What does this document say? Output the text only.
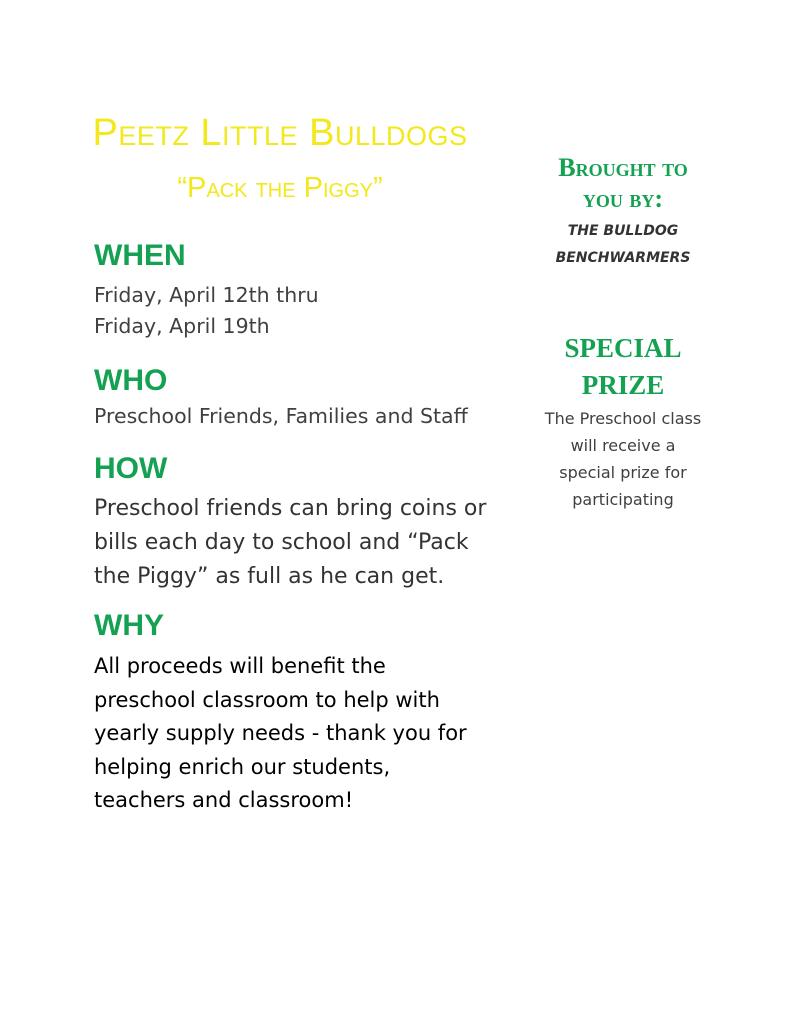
Peetz Little Bulldogs
“Pack the Piggy”
WHEN
Friday, April 12th thru
Friday, April 19th
WHO
Preschool Friends, Families and Staff
HOW
Preschool friends can bring coins or
bills each day to school and “Pack
the Piggy” as full as he can get.
WHY
All proceeds will benefit the
preschool classroom to help with
yearly supply needs - thank you for
helping enrich our students,
teachers and classroom!
Brought to
you by:
THE BULLDOG
BENCHWARMERS
SPECIAL
PRIZE
The Preschool class
will receive a
special prize for
participating
